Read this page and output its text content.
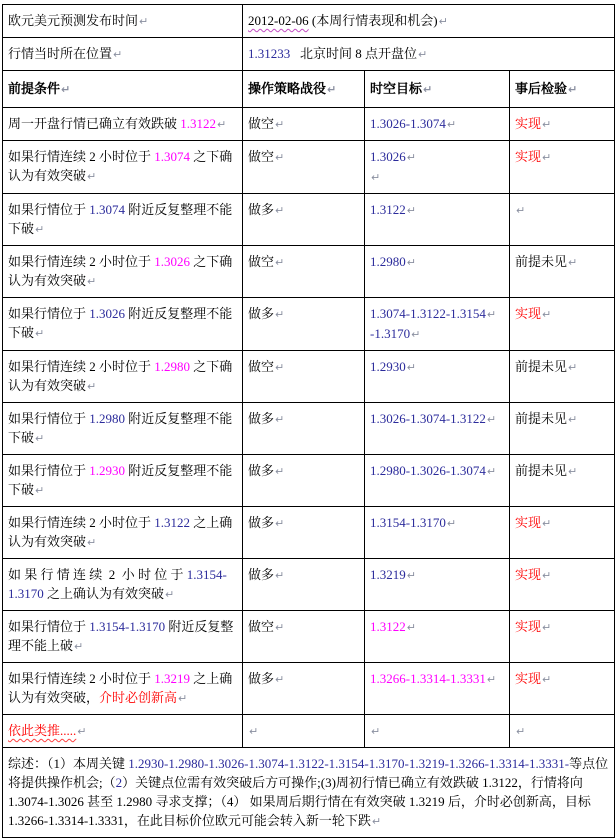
欧元美元预测发布时间↵	2012-02-06 (本周行情表现和机会)↵		

行情当时所在位置↵	1.31233   北京时间 8 点开盘位↵		

前提条件↵	操作策略战役↵	时空目标↵	事后检验↵

周一开盘行情已确立有效跌破 1.3122↵	做空↵	1.3026-1.3074↵	实现↵

如果行情连续 2 小时位于 1.3074 之下确认为有效突破↵	做空↵	1.3026↵
↵	实现↵

如果行情位于 1.3074 附近反复整理不能下破↵	做多↵	1.3122↵	↵

如果行情连续 2 小时位于 1.3026 之下确认为有效突破↵	做空↵	1.2980↵	前提未见↵

如果行情位于 1.3026 附近反复整理不能下破↵	做多↵	1.3074-1.3122-1.3154↵
-1.3170↵	实现↵

如果行情连续 2 小时位于 1.2980 之下确认为有效突破↵	做空↵	1.2930↵	前提未见↵

如果行情位于 1.2980 附近反复整理不能下破↵	做多↵	1.3026-1.3074-1.3122↵	前提未见↵

如果行情位于 1.2930 附近反复整理不能下破↵	做多↵	1.2980-1.3026-1.3074↵	前提未见↵

如果行情连续 2 小时位于 1.3122 之上确认为有效突破↵	做多↵	1.3154-1.3170↵	实现↵

如 果 行 情 连 续  2  小 时 位 于 1.3154-1.3170 之上确认为有效突破↵	做多↵	1.3219↵	实现↵

如果行情位于 1.3154-1.3170 附近反复整理不能上破↵	做空↵	1.3122↵	实现↵

如果行情连续 2 小时位于 1.3219 之上确认为有效突破，介时必创新高↵	做多↵	1.3266-1.3314-1.3331↵	实现↵

依此类推.....↵	↵	↵	↵

综述：（1）本周关键 1.2930-1.2980-1.3026-1.3074-1.3122-1.3154-1.3170-1.3219-1.3266-1.3314-1.3331-等点位将提供操作机会;（2）关键点位需有效突破后方可操作;(3)周初行情已确立有效跌破 1.3122，行情将向 1.3074-1.3026 甚至 1.2980 寻求支撑；（4） 如果周后期行情在有效突破 1.3219 后，介时必创新高，目标 1.3266-1.3314-1.3331，在此目标价位欧元可能会转入新一轮下跌↵			
